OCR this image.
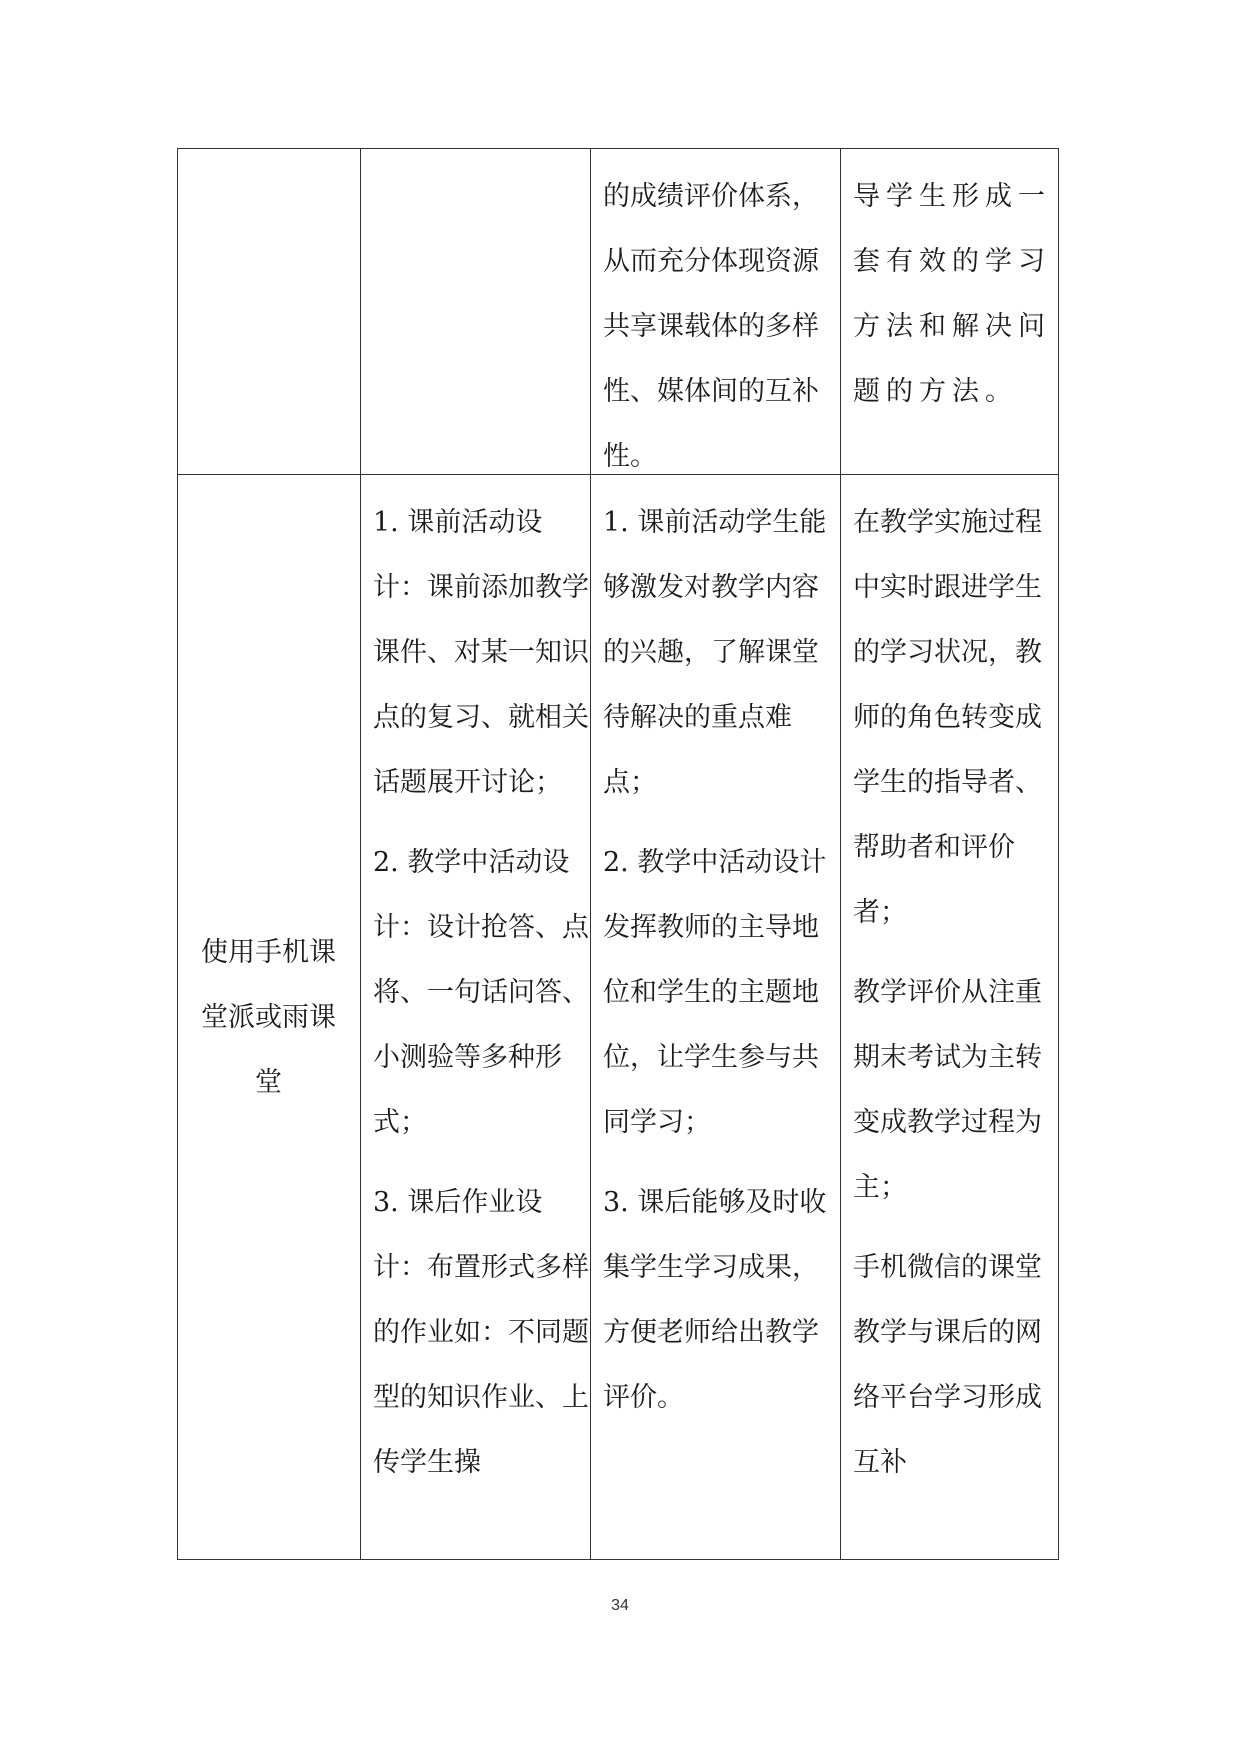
的成绩评价体系，从而充分体现资源共享课载体的多样性、媒体间的互补性。

导学生形成一套有效的学习方法和解决问题的方法。

使用手机课堂派或雨课堂

1. 课前活动设计：课前添加教学课件、对某一知识点的复习、就相关话题展开讨论；

2. 教学中活动设计：设计抢答、点将、一句话问答、小测验等多种形式；

3. 课后作业设计：布置形式多样的作业如：不同题型的知识作业、上传学生操

1. 课前活动学生能够激发对教学内容的兴趣，了解课堂待解决的重点难点；

2. 教学中活动设计发挥教师的主导地位和学生的主题地位，让学生参与共同学习；

3. 课后能够及时收集学生学习成果，方便老师给出教学评价。

在教学实施过程中实时跟进学生的学习状况，教师的角色转变成学生的指导者、帮助者和评价者；

教学评价从注重期末考试为主转变成教学过程为主；

手机微信的课堂教学与课后的网络平台学习形成互补

34
